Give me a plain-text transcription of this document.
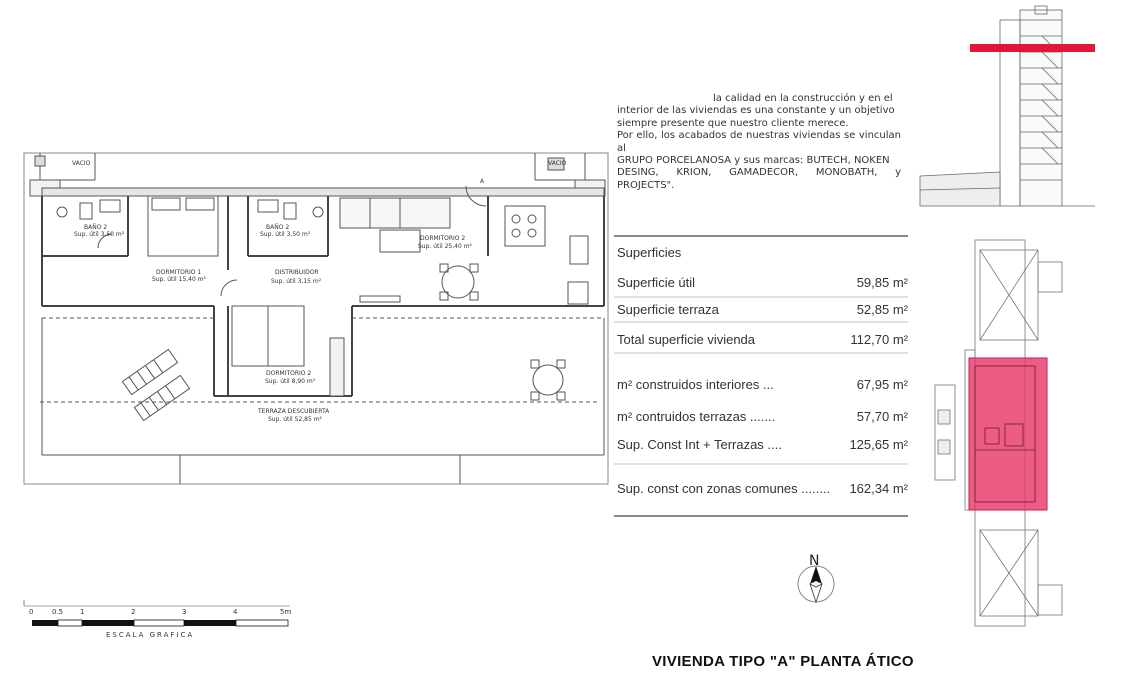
VACIO	VACIO
BAÑO 2
Sup. útil 3,50 m²
BAÑO 2
Sup. útil 3,50 m²
DORMITORIO 1
Sup. útil 15,40 m²
DISTRIBUIDOR
Sup. útil 3,15 m²
DORMITORIO 2
Sup. útil 25,40 m²
DORMITORIO 2
Sup. útil 8,90 m²
TERRAZA DESCUBIERTA
Sup. útil 52,85 m²
A
0	0.5 1	2	3	4	5m
ESCALA GRAFICA
N

la calidad en la construcción y en el

interior de las viviendas es una constante y un objetivo

siempre presente que nuestro cliente merece.

Por ello, los acabados de nuestras viviendas se vinculan al

GRUPO PORCELANOSA y sus marcas: BUTECH, NOKEN

DESING, KRION, GAMADECOR, MONOBATH, y PROJECTS".

Superficies
Superficie útil	59,85 m²
Superficie terraza	52,85 m²
Total superficie vivienda	112,70 m²
m² construidos interiores ...	67,95 m²
m² contruidos terrazas .......	57,70 m²
Sup. Const Int + Terrazas ....	125,65 m²
Sup. const con zonas comunes ........ 162,34 m²
VIVIENDA TIPO "A" PLANTA ÁTICO
